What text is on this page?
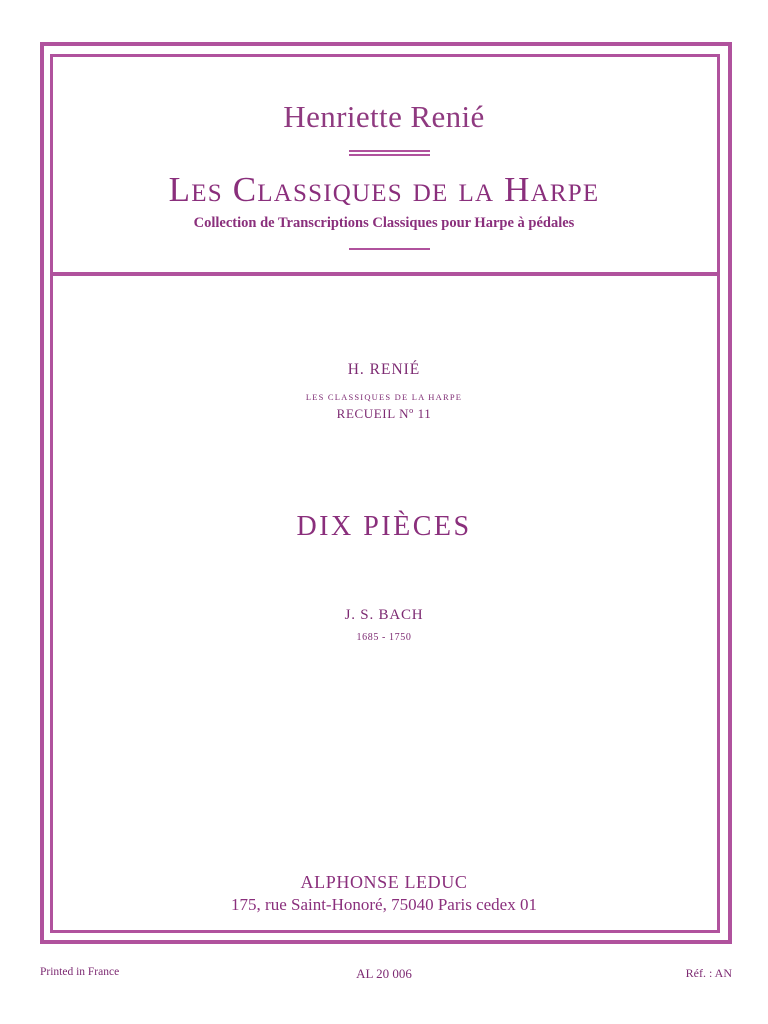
Henriette Renié
Les Classiques de la Harpe
Collection de Transcriptions Classiques pour Harpe à pédales
H. RENIÉ
LES CLASSIQUES DE LA HARPE
RECUEIL Nº 11
DIX PIÈCES
J. S. BACH
1685 - 1750
ALPHONSE LEDUC
175, rue Saint-Honoré, 75040 Paris cedex 01
Printed in France	AL 20 006	Réf. : AN
